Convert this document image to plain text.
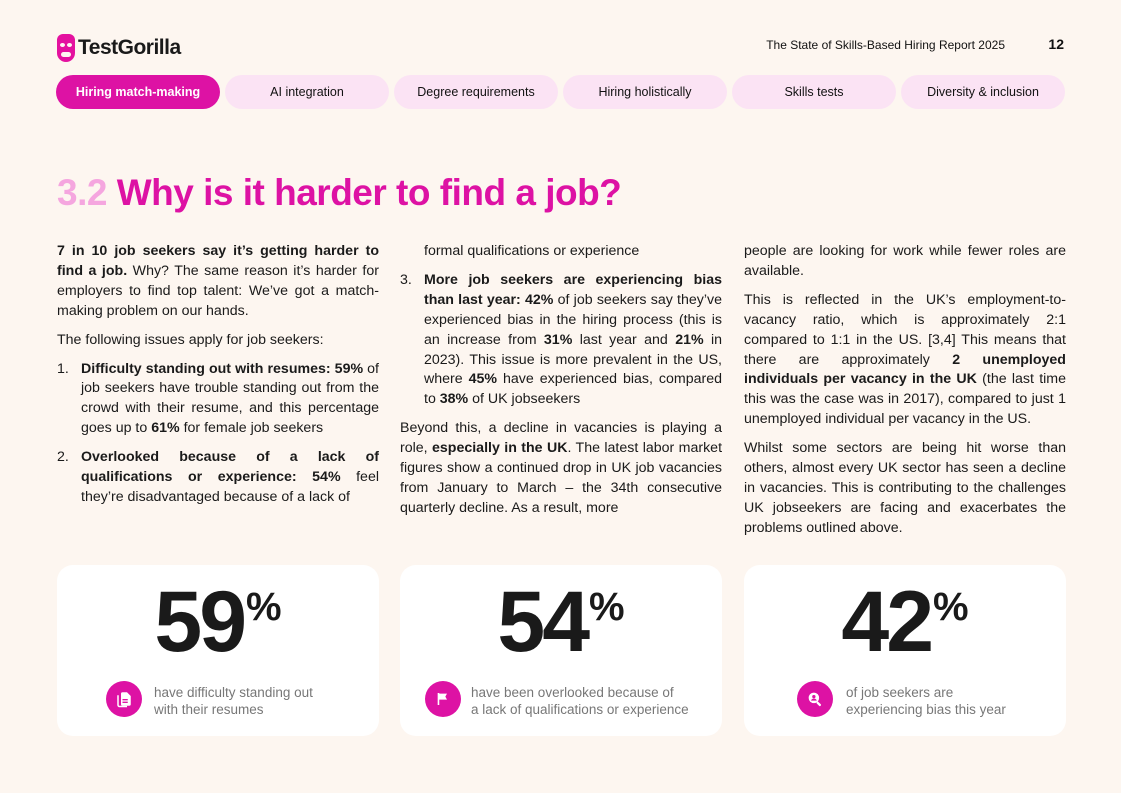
TestGorilla	The State of Skills-Based Hiring Report 2025	12
Hiring match-making	AI integration	Degree requirements	Hiring holistically	Skills tests	Diversity & inclusion
3.2 Why is it harder to find a job?

7 in 10 job seekers say it’s getting harder to find a job. Why? The same reason it’s harder for employers to find top talent: We’ve got a match-making problem on our hands.

The following issues apply for job seekers:

1. Difficulty standing out with resumes: 59% of job seekers have trouble standing out from the crowd with their resume, and this percentage goes up to 61% for female job seekers
2. Overlooked because of a lack of qualifications or experience: 54% feel they’re disadvantaged because of a lack of
formal qualifications or experience
3. More job seekers are experiencing bias than last year: 42% of job seekers say they’ve experienced bias in the hiring process (this is an increase from 31% last year and 21% in 2023). This issue is more prevalent in the US, where 45% have experienced bias, compared to 38% of UK jobseekers

Beyond this, a decline in vacancies is playing a role, especially in the UK. The latest labor market figures show a continued drop in UK job vacancies from January to March – the 34th consecutive quarterly decline. As a result, more

people are looking for work while fewer roles are available.

This is reflected in the UK’s employment-to-vacancy ratio, which is approximately 2:1 compared to 1:1 in the US. [3,4] This means that there are approximately 2 unemployed individuals per vacancy in the UK (the last time this was the case was in 2017), compared to just 1 unemployed individual per vacancy in the US.

Whilst some sectors are being hit worse than others, almost every UK sector has seen a decline in vacancies. This is contributing to the challenges UK jobseekers are facing and exacerbates the problems outlined above.

59%
have difficulty standing out
with their resumes
54%
have been overlooked because of
a lack of qualifications or experience
42%
of job seekers are
experiencing bias this year
